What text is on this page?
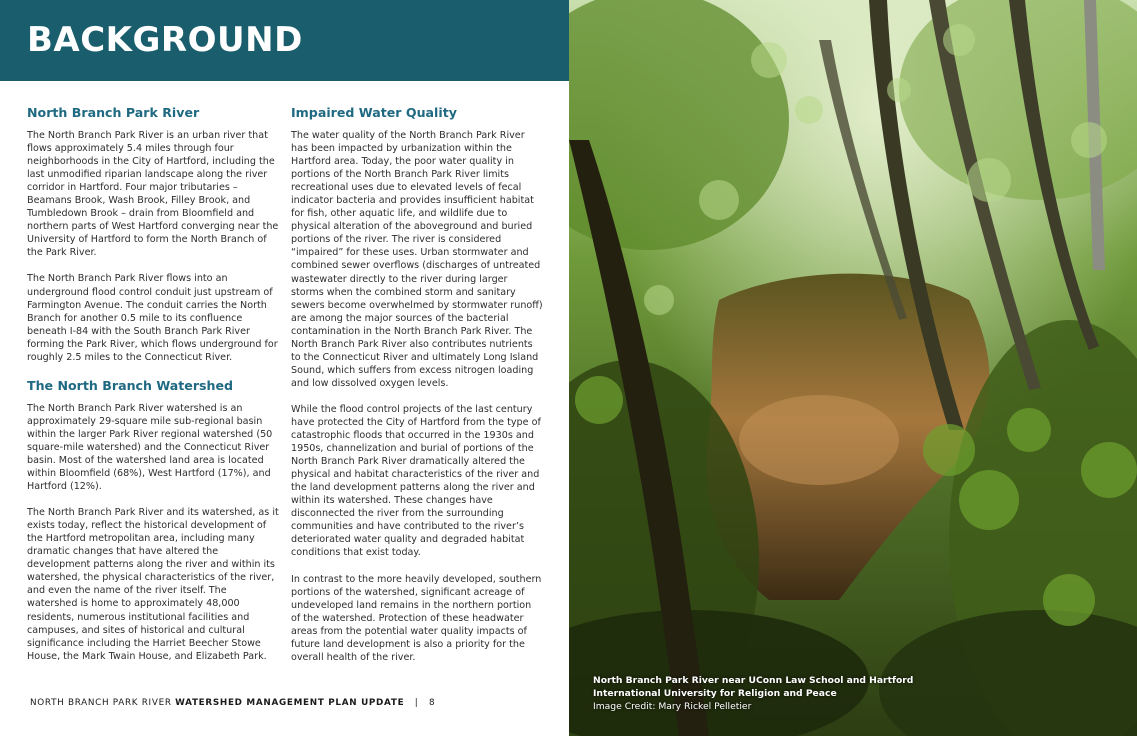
BACKGROUND
North Branch Park River

The North Branch Park River is an urban river that flows approximately 5.4 miles through four neighborhoods in the City of Hartford, including the last unmodified riparian landscape along the river corridor in Hartford. Four major tributaries – Beamans Brook, Wash Brook, Filley Brook, and Tumbledown Brook – drain from Bloomfield and northern parts of West Hartford converging near the University of Hartford to form the North Branch of the Park River.

The North Branch Park River flows into an underground flood control conduit just upstream of Farmington Avenue. The conduit carries the North Branch for another 0.5 mile to its confluence beneath I-84 with the South Branch Park River forming the Park River, which flows underground for roughly 2.5 miles to the Connecticut River.

The North Branch Watershed

The North Branch Park River watershed is an approximately 29-square mile sub-regional basin within the larger Park River regional watershed (50 square-mile watershed) and the Connecticut River basin. Most of the watershed land area is located within Bloomfield (68%), West Hartford (17%), and Hartford (12%).

The North Branch Park River and its watershed, as it exists today, reflect the historical development of the Hartford metropolitan area, including many dramatic changes that have altered the development patterns along the river and within its watershed, the physical characteristics of the river, and even the name of the river itself. The watershed is home to approximately 48,000 residents, numerous institutional facilities and campuses, and sites of historical and cultural significance including the Harriet Beecher Stowe House, the Mark Twain House, and Elizabeth Park.

Impaired Water Quality

The water quality of the North Branch Park River has been impacted by urbanization within the Hartford area. Today, the poor water quality in portions of the North Branch Park River limits recreational uses due to elevated levels of fecal indicator bacteria and provides insufficient habitat for fish, other aquatic life, and wildlife due to physical alteration of the aboveground and buried portions of the river. The river is considered “impaired” for these uses. Urban stormwater and combined sewer overflows (discharges of untreated wastewater directly to the river during larger storms when the combined storm and sanitary sewers become overwhelmed by stormwater runoff) are among the major sources of the bacterial contamination in the North Branch Park River. The North Branch Park River also contributes nutrients to the Connecticut River and ultimately Long Island Sound, which suffers from excess nitrogen loading and low dissolved oxygen levels.

While the flood control projects of the last century have protected the City of Hartford from the type of catastrophic floods that occurred in the 1930s and 1950s, channelization and burial of portions of the North Branch Park River dramatically altered the physical and habitat characteristics of the river and the land development patterns along the river and within its watershed. These changes have disconnected the river from the surrounding communities and have contributed to the river’s deteriorated water quality and degraded habitat conditions that exist today.

In contrast to the more heavily developed, southern portions of the watershed, significant acreage of undeveloped land remains in the northern portion of the watershed. Protection of these headwater areas from the potential water quality impacts of future land development is also a priority for the overall health of the river.

NORTH BRANCH PARK RIVER WATERSHED MANAGEMENT PLAN UPDATE | 8
North Branch Park River near UConn Law School and Hartford International University for Religion and Peace
Image Credit: Mary Rickel Pelletier
